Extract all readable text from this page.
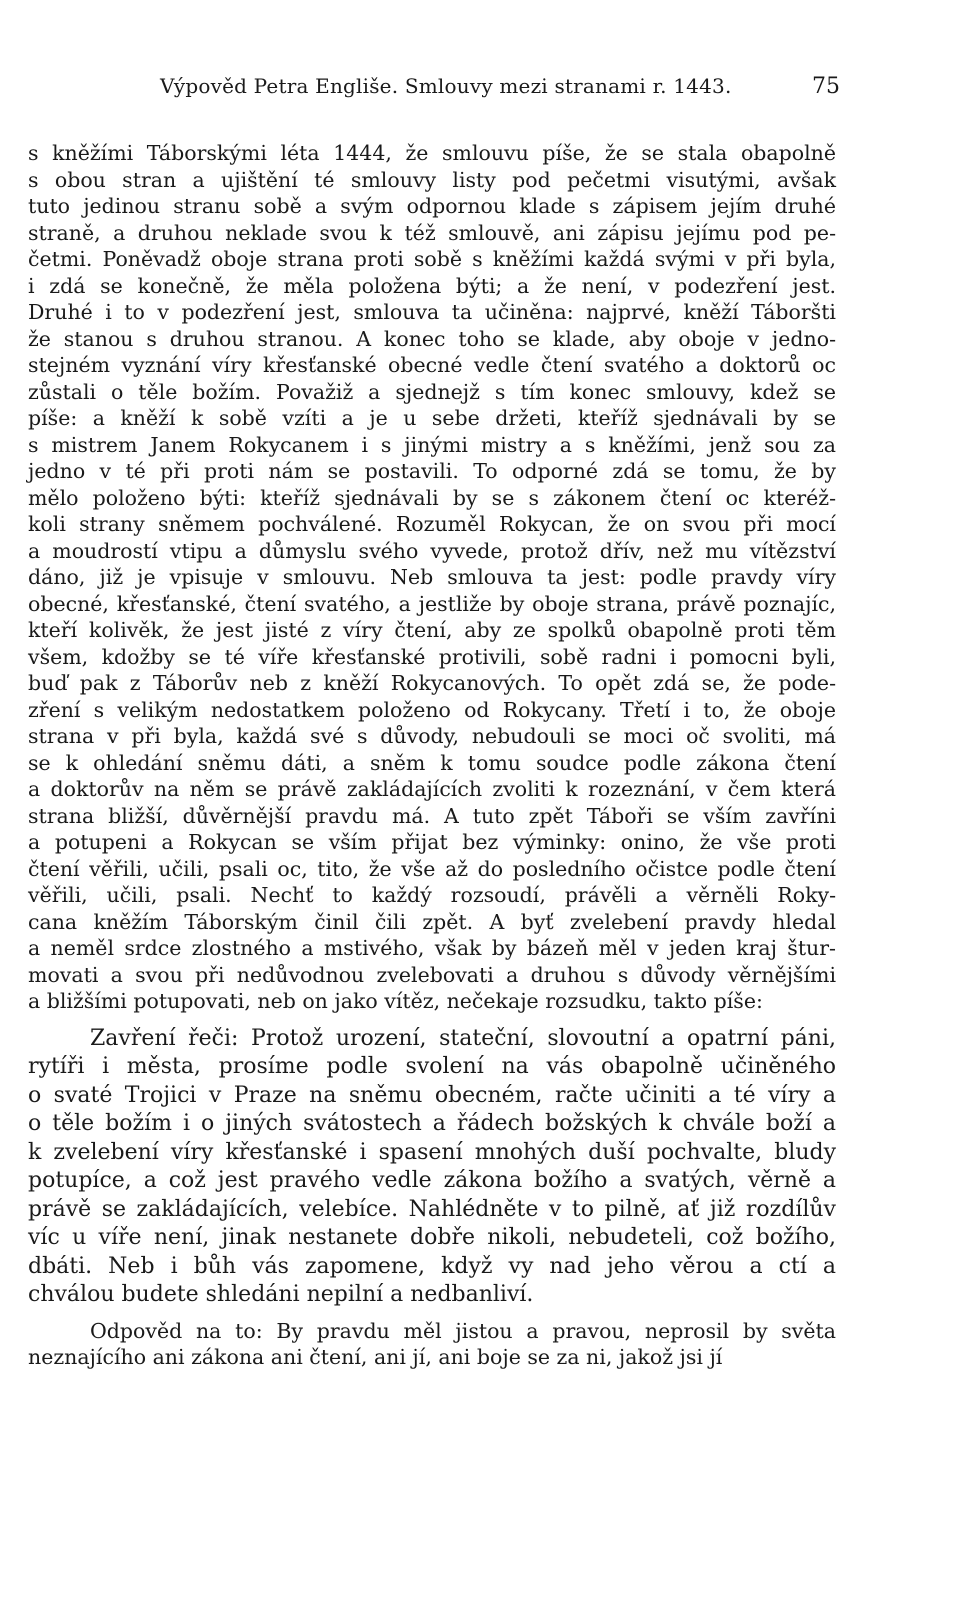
Výpověd Petra Engliše. Smlouvy mezi stranami r. 1443.	75
s kněžími Táborskými léta 1444, že smlouvu píše, že se stala obapolně
s obou stran a ujištění té smlouvy listy pod pečetmi visutými, avšak
tuto jedinou stranu sobě a svým odpornou klade s zápisem jejím druhé
straně, a druhou neklade svou k též smlouvě, ani zápisu jejímu pod pe-
četmi. Poněvadž oboje strana proti sobě s kněžími každá svými v při byla,
i zdá se konečně, že měla položena býti; a že není, v podezření jest.
Druhé i to v podezření jest, smlouva ta učiněna: najprvé, kněží Táboršti
že stanou s druhou stranou. A konec toho se klade, aby oboje v jedno-
stejném vyznání víry křesťanské obecné vedle čtení svatého a doktorů oc
zůstali o těle božím. Považiž a sjednejž s tím konec smlouvy, kdež se
píše: a kněží k sobě vzíti a je u sebe držeti, kteříž sjednávali by se
s mistrem Janem Rokycanem i s jinými mistry a s kněžími, jenž sou za
jedno v té při proti nám se postavili. To odporné zdá se tomu, že by
mělo položeno býti: kteříž sjednávali by se s zákonem čtení oc kteréž-
koli strany sněmem pochválené. Rozuměl Rokycan, že on svou při mocí
a moudrostí vtipu a důmyslu svého vyvede, protož dřív, než mu vítězství
dáno, již je vpisuje v smlouvu. Neb smlouva ta jest: podle pravdy víry
obecné, křesťanské, čtení svatého, a jestliže by oboje strana, právě poznajíc,
kteří kolivěk, že jest jisté z víry čtení, aby ze spolků obapolně proti těm
všem, kdožby se té víře křesťanské protivili, sobě radni i pomocni byli,
buď pak z Táborův neb z kněží Rokycanových. To opět zdá se, že pode-
zření s velikým nedostatkem položeno od Rokycany. Třetí i to, že oboje
strana v při byla, každá své s důvody, nebudouli se moci oč svoliti, má
se k ohledání sněmu dáti, a sněm k tomu soudce podle zákona čtení
a doktorův na něm se právě zakládajících zvoliti k rozeznání, v čem která
strana bližší, důvěrnější pravdu má. A tuto zpět Táboři se vším zavříni
a potupeni a Rokycan se vším přijat bez výminky: onino, že vše proti
čtení věřili, učili, psali oc, tito, že vše až do posledního očistce podle čtení
věřili, učili, psali. Nechť to každý rozsoudí, právěli a věrněli Roky-
cana kněžím Táborským činil čili zpět. A byť zvelebení pravdy hledal
a neměl srdce zlostného a mstivého, však by bázeň měl v jeden kraj štur-
movati a svou při nedůvodnou zvelebovati a druhou s důvody věrnějšími
a bližšími potupovati, neb on jako vítěz, nečekaje rozsudku, takto píše:
Zavření řeči: Protož urození, stateční, slovoutní a opatrní páni,
rytíři i města, prosíme podle svolení na vás obapolně učiněného
o svaté Trojici v Praze na sněmu obecném, račte učiniti a té víry a
o těle božím i o jiných svátostech a řádech božských k chvále boží a
k zvelebení víry křesťanské i spasení mnohých duší pochvalte, bludy
potupíce, a což jest pravého vedle zákona božího a svatých, věrně a
právě se zakládajících, velebíce. Nahlédněte v to pilně, ať již rozdílův
víc u víře není, jinak nestanete dobře nikoli, nebudeteli, což božího,
dbáti. Neb i bůh vás zapomene, když vy nad jeho věrou a ctí a
chválou budete shledáni nepilní a nedbanliví.
Odpověd na to: By pravdu měl jistou a pravou, neprosil by světa
neznajícího ani zákona ani čtení, ani jí, ani boje se za ni, jakož jsi jí
